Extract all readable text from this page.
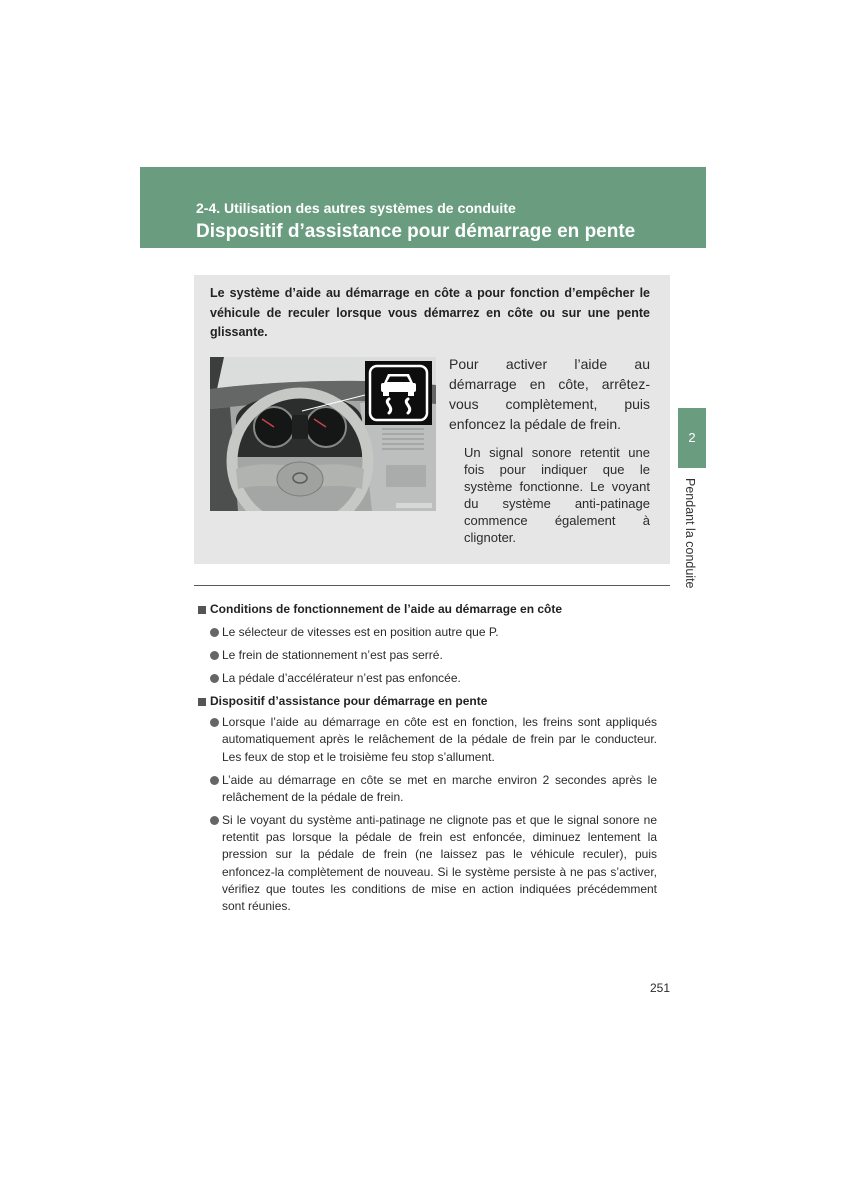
2-4. Utilisation des autres systèmes de conduite
Dispositif d’assistance pour démarrage en pente
Le système d’aide au démarrage en côte a pour fonction d’empêcher le
véhicule de reculer lorsque vous démarrez en côte ou sur une pente
glissante.
Pour activer l’aide au
démarrage en côte, arrêtez-
vous complètement, puis
enfoncez la pédale de frein.
Un signal sonore retentit une
fois pour indiquer que le
système fonctionne. Le voyant
du système anti-patinage
commence également à
clignoter.
2
Pendant la conduite
Conditions de fonctionnement de l’aide au démarrage en côte
Le sélecteur de vitesses est en position autre que P.
Le frein de stationnement n’est pas serré.
La pédale d’accélérateur n’est pas enfoncée.
Dispositif d’assistance pour démarrage en pente
Lorsque l’aide au démarrage en côte est en fonction, les freins sont appliqués
automatiquement après le relâchement de la pédale de frein par le conducteur.
Les feux de stop et le troisième feu stop s’allument.
L’aide au démarrage en côte se met en marche environ 2 secondes après le
relâchement de la pédale de frein.
Si le voyant du système anti-patinage ne clignote pas et que le signal sonore ne
retentit pas lorsque la pédale de frein est enfoncée, diminuez lentement la
pression sur la pédale de frein (ne laissez pas le véhicule reculer), puis
enfoncez-la complètement de nouveau. Si le système persiste à ne pas s’activer,
vérifiez que toutes les conditions de mise en action indiquées précédemment
sont réunies.
251
